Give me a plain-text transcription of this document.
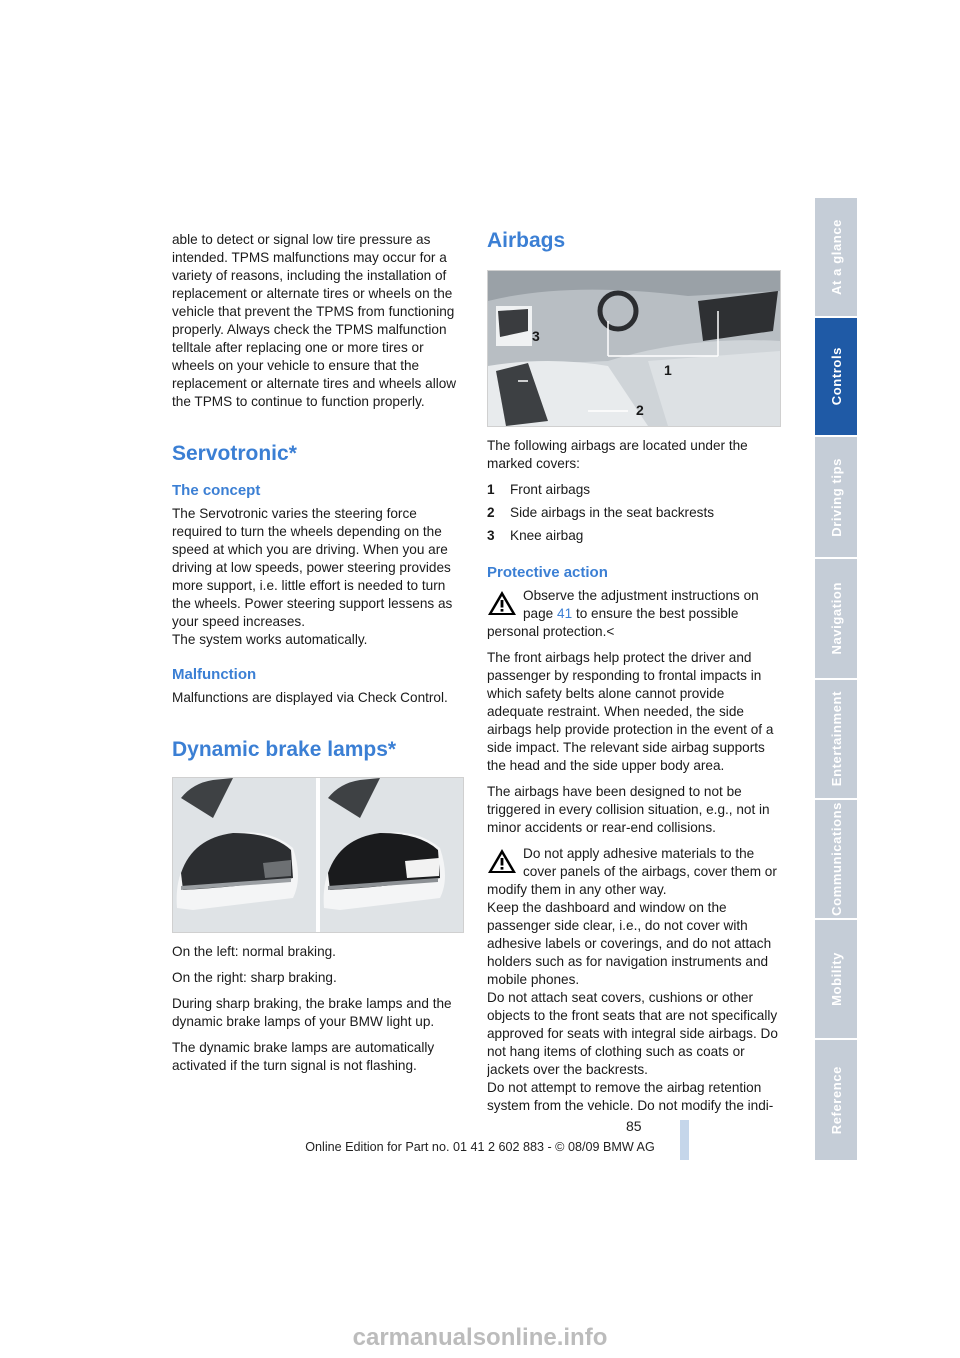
able to detect or signal low tire pressure as intended. TPMS malfunctions may occur for a variety of reasons, including the installation of replacement or alternate tires or wheels on the vehicle that prevent the TPMS from functioning properly. Always check the TPMS malfunction telltale after replacing one or more tires or wheels on your vehicle to ensure that the replacement or alternate tires and wheels allow the TPMS to continue to function properly.

Servotronic*
The concept

The Servotronic varies the steering force required to turn the wheels depending on the speed at which you are driving. When you are driving at low speeds, power steering provides more support, i.e. little effort is needed to turn the wheels. Power steering support lessens as your speed increases.

The system works automatically.

Malfunction

Malfunctions are displayed via Check Control.

Dynamic brake lamps*

On the left: normal braking.

On the right: sharp braking.

During sharp braking, the brake lamps and the dynamic brake lamps of your BMW light up.

The dynamic brake lamps are automatically activated if the turn signal is not flashing.

Airbags
1
2
3

The following airbags are located under the marked covers:

1	Front airbags
2	Side airbags in the seat backrests
3	Knee airbag
Protective action
Observe the adjustment instructions on page 41 to ensure the best possible personal protection.<

The front airbags help protect the driver and passenger by responding to frontal impacts in which safety belts alone cannot provide adequate restraint. When needed, the side airbags help provide protection in the event of a side impact. The relevant side airbag supports the head and the side upper body area.

The airbags have been designed to not be triggered in every collision situation, e.g., not in minor accidents or rear-end collisions.

Do not apply adhesive materials to the cover panels of the airbags, cover them or modify them in any other way.
Keep the dashboard and window on the passenger side clear, i.e., do not cover with adhesive labels or coverings, and do not attach holders such as for navigation instruments and mobile phones.
Do not attach seat covers, cushions or other objects to the front seats that are not specifically approved for seats with integral side airbags. Do not hang items of clothing such as coats or jackets over the backrests.
Do not attempt to remove the airbag retention system from the vehicle. Do not modify the indi-
At a glance
Controls
Driving tips
Navigation
Entertainment
Communications
Mobility
Reference
85
Online Edition for Part no. 01 41 2 602 883 - © 08/09 BMW AG
carmanualsonline.info
